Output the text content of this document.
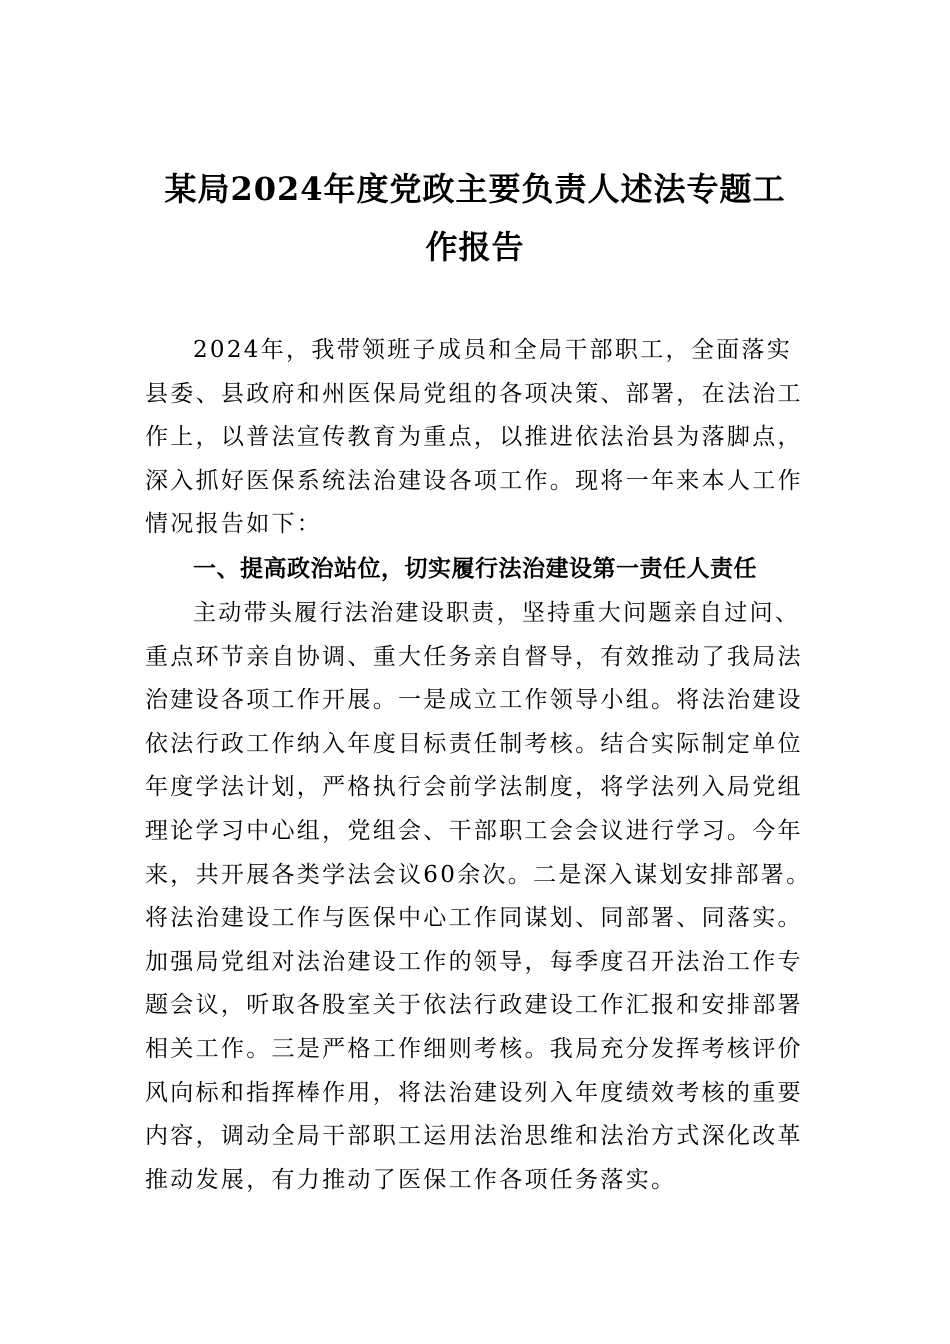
某局2024年度党政主要负责人述法专题工
作报告

2024年，我带领班子成员和全局干部职工，全面落实
县委、县政府和州医保局党组的各项决策、部署，在法治工
作上，以普法宣传教育为重点，以推进依法治县为落脚点，
深入抓好医保系统法治建设各项工作。现将一年来本人工作
情况报告如下：

一、提高政治站位，切实履行法治建设第一责任人责任

主动带头履行法治建设职责，坚持重大问题亲自过问、
重点环节亲自协调、重大任务亲自督导，有效推动了我局法
治建设各项工作开展。一是成立工作领导小组。将法治建设
依法行政工作纳入年度目标责任制考核。结合实际制定单位
年度学法计划，严格执行会前学法制度，将学法列入局党组
理论学习中心组，党组会、干部职工会会议进行学习。今年
来，共开展各类学法会议60余次。二是深入谋划安排部署。
将法治建设工作与医保中心工作同谋划、同部署、同落实。
加强局党组对法治建设工作的领导，每季度召开法治工作专
题会议，听取各股室关于依法行政建设工作汇报和安排部署
相关工作。三是严格工作细则考核。我局充分发挥考核评价
风向标和指挥棒作用，将法治建设列入年度绩效考核的重要
内容，调动全局干部职工运用法治思维和法治方式深化改革
推动发展，有力推动了医保工作各项任务落实。
